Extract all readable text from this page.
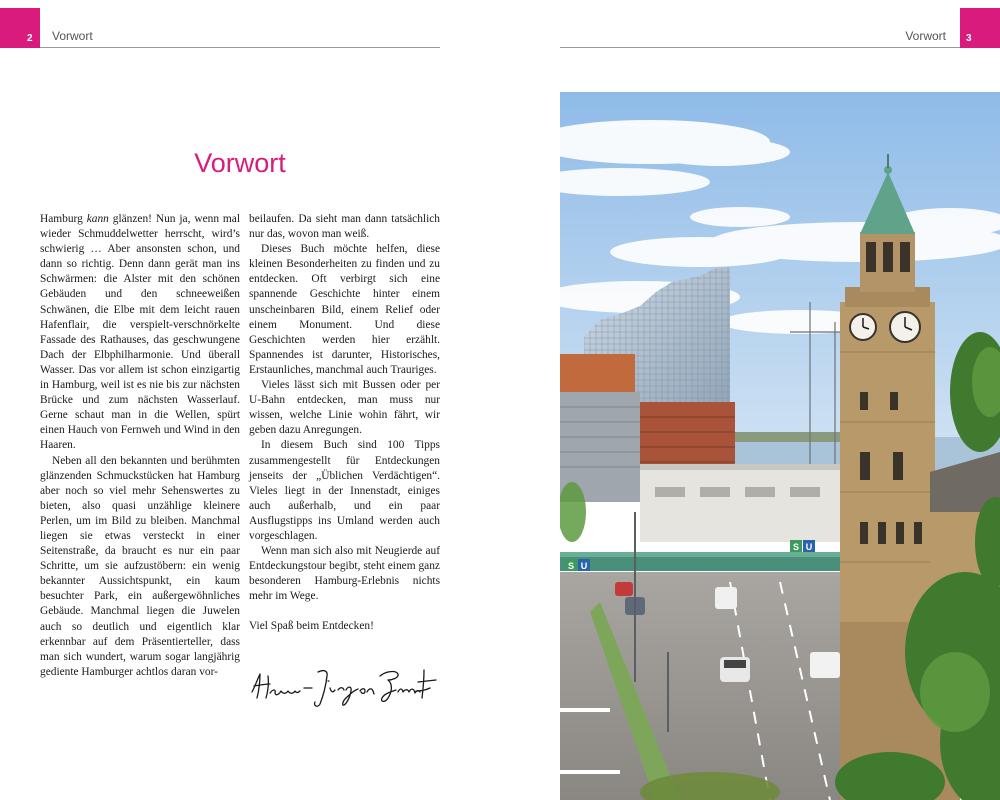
2 Vorwort
Vorwort

Hamburg kann glänzen! Nun ja, wenn mal wieder Schmuddelwetter herrscht, wird’s schwierig … Aber ansonsten schon, und dann so richtig. Denn dann gerät man ins Schwärmen: die Alster mit den schönen Gebäuden und den schneeweißen Schwänen, die Elbe mit dem leicht rauen Hafenflair, die verspielt-verschnörkelte Fassade des Rathauses, das geschwungene Dach der Elbphilharmonie. Und überall Wasser. Das vor allem ist schon einzigartig in Hamburg, weil ist es nie bis zur nächsten Brücke und zum nächsten Wasserlauf. Gerne schaut man in die Wellen, spürt einen Hauch von Fernweh und Wind in den Haaren.

Neben all den bekannten und berühmten glänzenden Schmuckstücken hat Hamburg aber noch so viel mehr Sehenswertes zu bieten, also quasi unzählige kleinere Perlen, um im Bild zu bleiben. Manchmal liegen sie etwas versteckt in einer Seitenstraße, da braucht es nur ein paar Schritte, um sie aufzustöbern: ein wenig bekannter Aussichtspunkt, ein kaum besuchter Park, ein außergewöhnliches Gebäude. Manchmal liegen die Juwelen auch so deutlich und eigentlich klar erkennbar auf dem Präsentierteller, dass man sich wundert, warum sogar langjährig gediente Hamburger achtlos daran vor-

beilaufen. Da sieht man dann tatsächlich nur das, wovon man weiß.

Dieses Buch möchte helfen, diese kleinen Besonderheiten zu finden und zu entdecken. Oft verbirgt sich eine spannende Geschichte hinter einem unscheinbaren Bild, einem Relief oder einem Monument. Und diese Geschichten werden hier erzählt. Spannendes ist darunter, Historisches, Erstaunliches, manchmal auch Trauriges.

Vieles lässt sich mit Bussen oder per U-Bahn entdecken, man muss nur wissen, welche Linie wohin fährt, wir geben dazu Anregungen.

In diesem Buch sind 100 Tipps zusammengestellt für Entdeckungen jenseits der „Üblichen Verdächtigen“. Vieles liegt in der Innenstadt, einiges auch außerhalb, und ein paar Ausflugstipps ins Umland werden auch vorgeschlagen.

Wenn man sich also mit Neugierde auf Entdeckungstour begibt, steht einem ganz besonderen Hamburg-Erlebnis nichts mehr im Wege.

Viel Spaß beim Entdecken!

Vorwort 3
S U
S U
